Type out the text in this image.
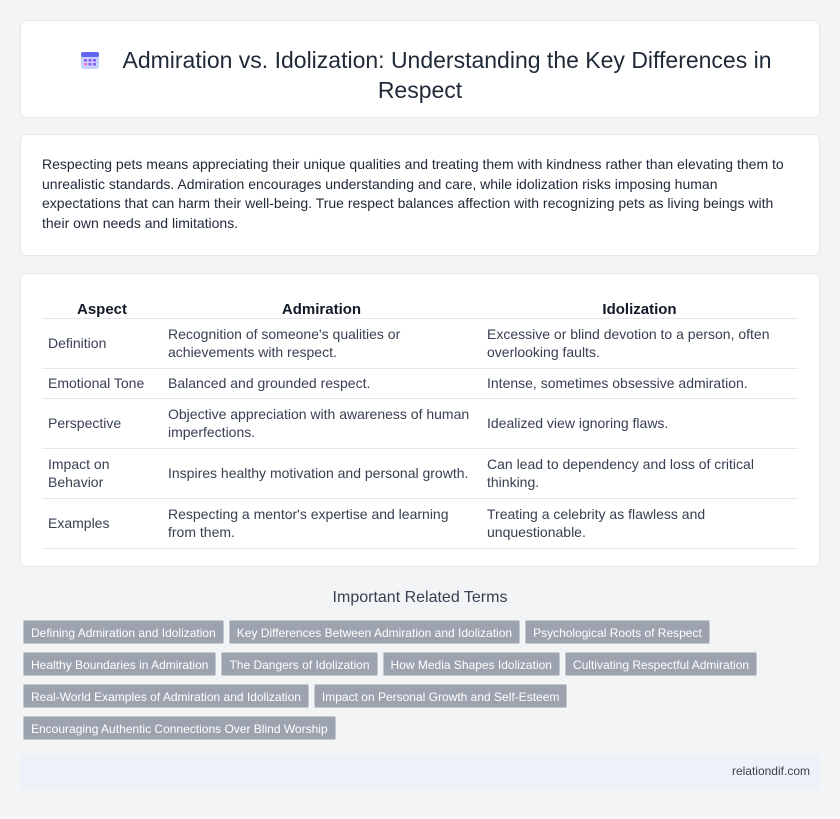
Admiration vs. Idolization: Understanding the Key Differences in Respect

Respecting pets means appreciating their unique qualities and treating them with kindness rather than elevating them to unrealistic standards. Admiration encourages understanding and care, while idolization risks imposing human expectations that can harm their well-being. True respect balances affection with recognizing pets as living beings with their own needs and limitations.

Aspect	Admiration	Idolization
Definition	Recognition of someone's qualities or achievements with respect.	Excessive or blind devotion to a person, often overlooking faults.
Emotional Tone	Balanced and grounded respect.	Intense, sometimes obsessive admiration.
Perspective	Objective appreciation with awareness of human imperfections.	Idealized view ignoring flaws.
Impact on Behavior	Inspires healthy motivation and personal growth.	Can lead to dependency and loss of critical thinking.
Examples	Respecting a mentor's expertise and learning from them.	Treating a celebrity as flawless and unquestionable.
Important Related Terms
Defining Admiration and Idolization Key Differences Between Admiration and Idolization Psychological Roots of Respect
Healthy Boundaries in Admiration The Dangers of Idolization How Media Shapes Idolization Cultivating Respectful Admiration
Real-World Examples of Admiration and Idolization Impact on Personal Growth and Self-Esteem
Encouraging Authentic Connections Over Blind Worship
relationdif.com
